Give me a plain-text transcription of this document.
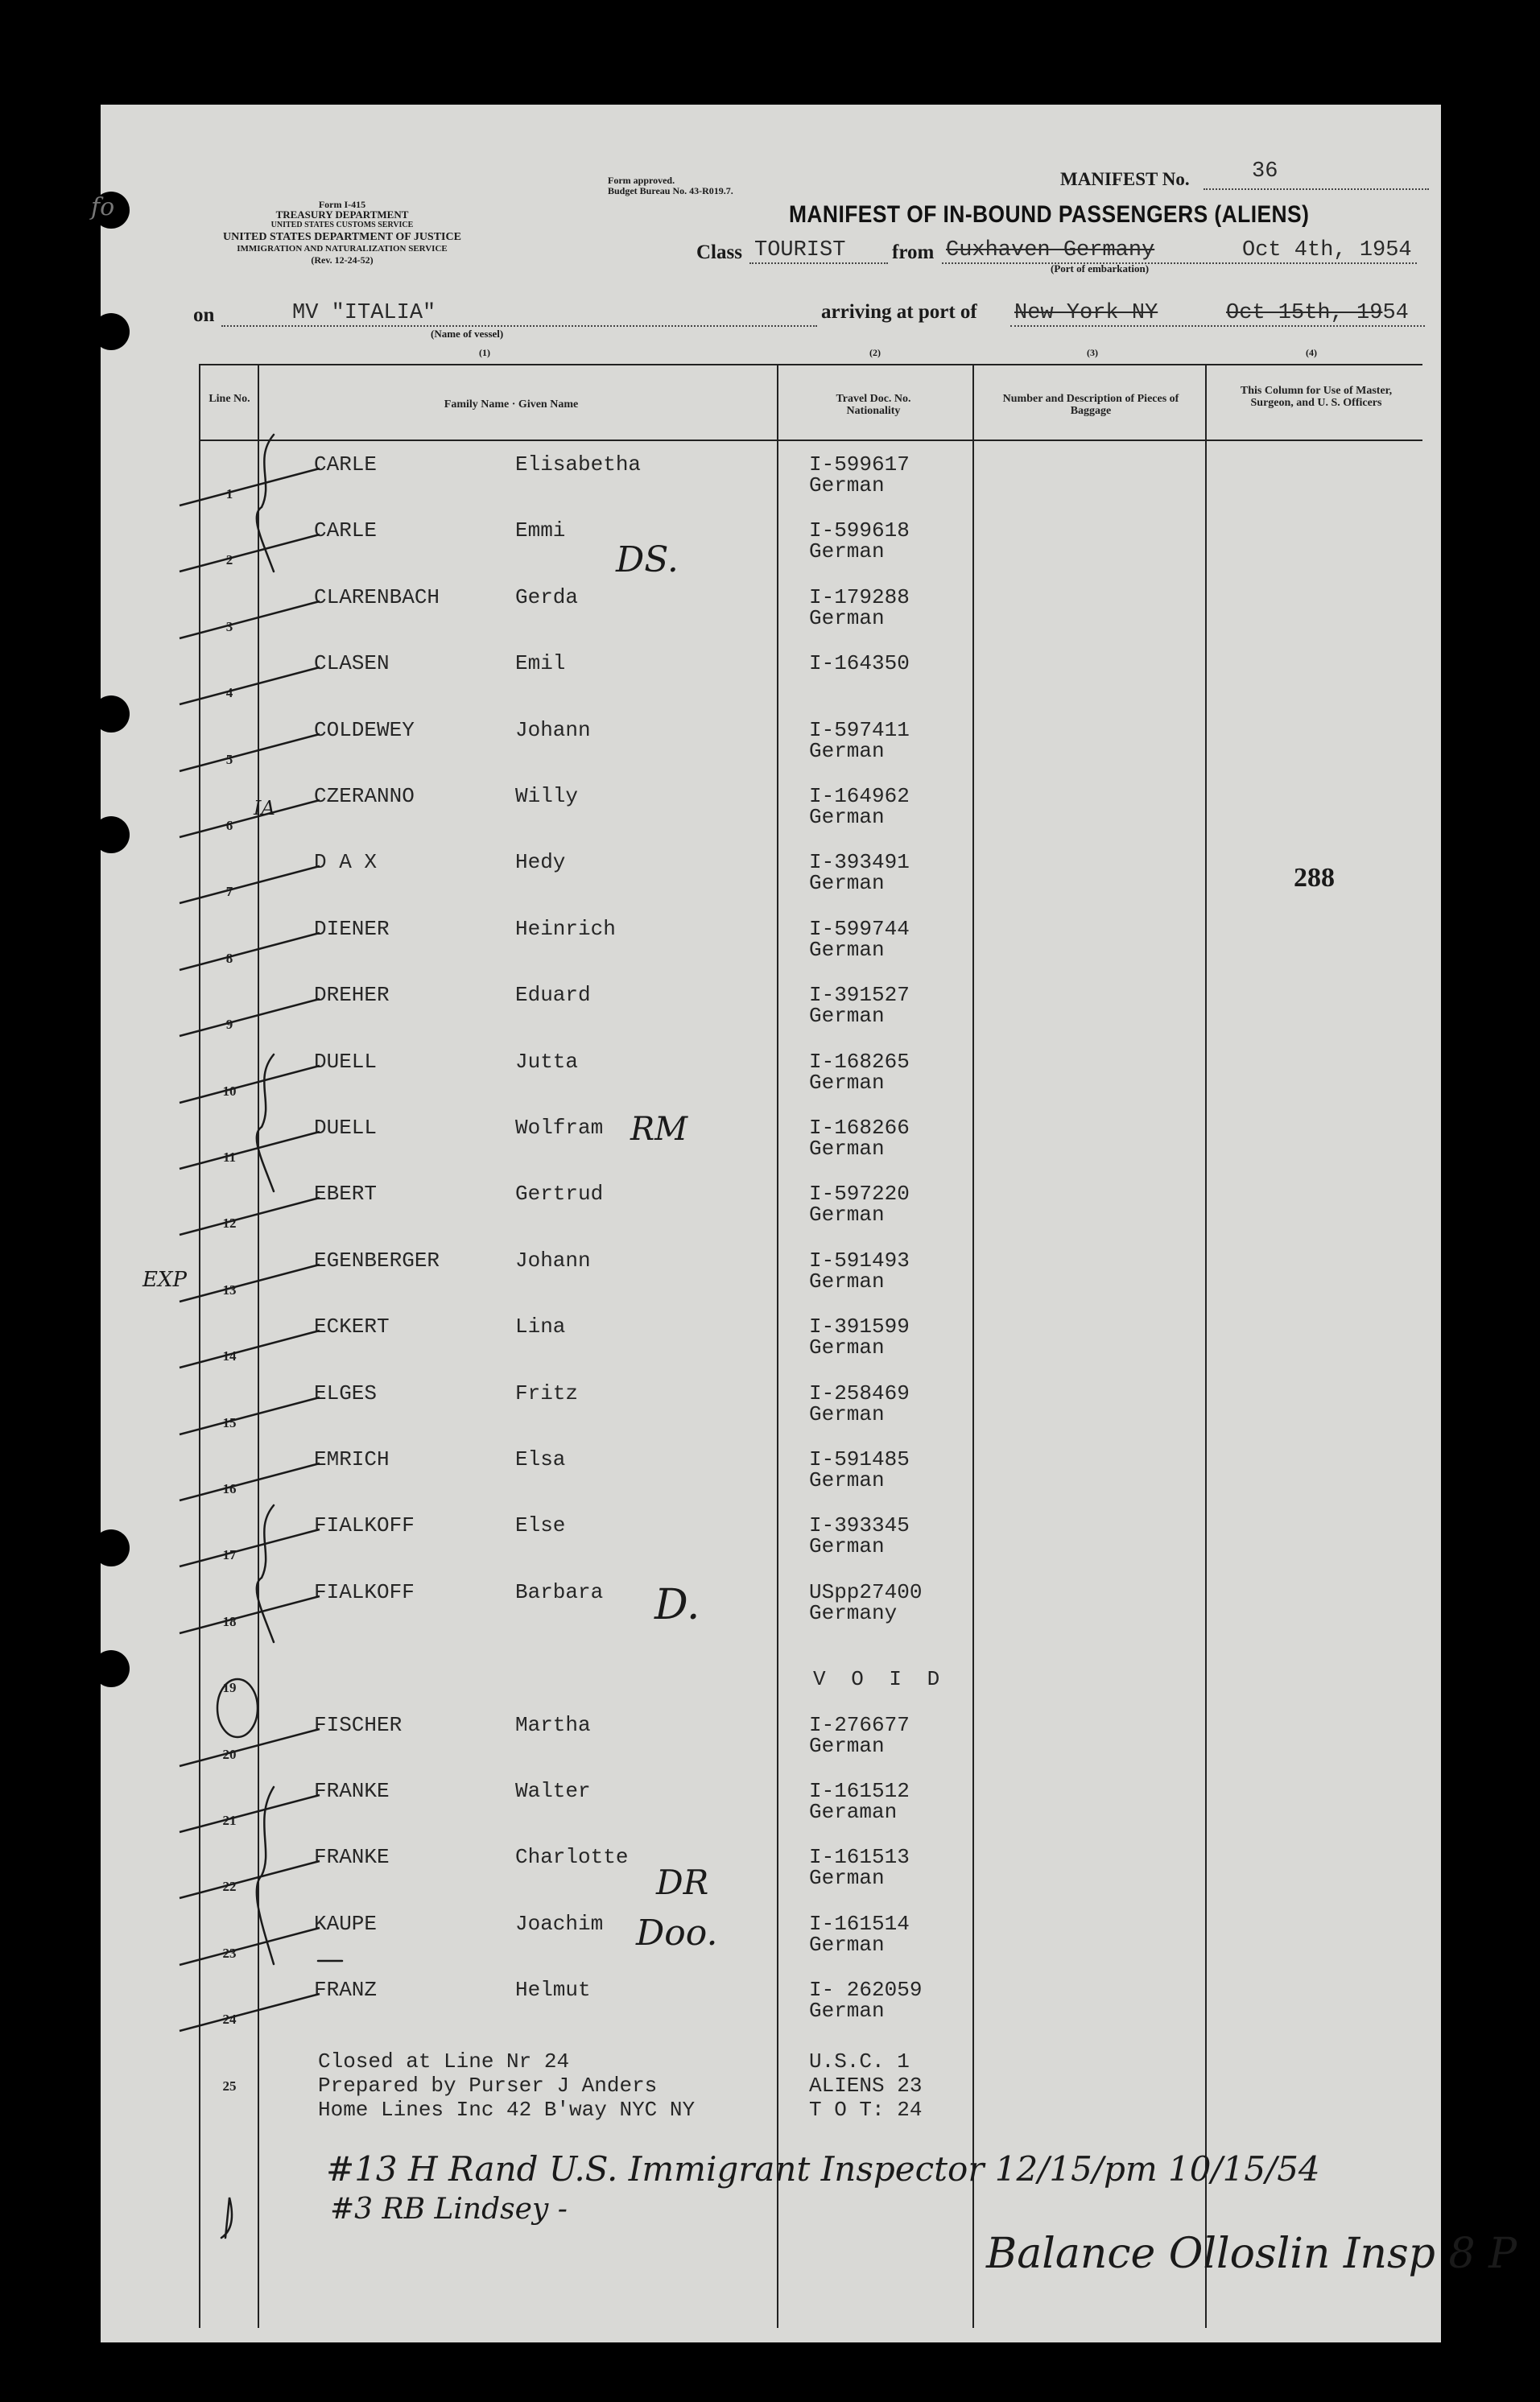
Form I-415
TREASURY DEPARTMENT
UNITED STATES CUSTOMS SERVICE
UNITED STATES DEPARTMENT OF JUSTICE
IMMIGRATION AND NATURALIZATION SERVICE
(Rev. 12-24-52)
Form approved.
Budget Bureau No. 43-R019.7.
MANIFEST No.	36
MANIFEST OF IN-BOUND PASSENGERS (ALIENS)
Class TOURIST from Cuxhaven Germany	Oct 4th, 1954
(Port of embarkation)
on	MV "ITALIA"
(Name of vessel)
arriving at port of New York NY	Oct 15th, 1954
(1)	(2)	(3)	(4)
Line No.	Family Name · Given Name	Travel Doc. No. Nationality
Number and Description of Pieces of Baggage
This Column for Use of Master, Surgeon, and U. S. Officers
1
CARLE	Elisabetha	I-599617
German
2
CARLE	Emmi	I-599618
German
3
CLARENBACH	Gerda	I-179288
German
4
CLASEN	Emil	I-164350
5
COLDEWEY	Johann	I-597411
German
6
CZERANNO	Willy	I-164962
German
7
D A X	Hedy	I-393491
German
8
DIENER	Heinrich	I-599744
German
9
DREHER	Eduard	I-391527
German
10
DUELL	Jutta	I-168265
German
11
DUELL	Wolfram	I-168266
German
12
EBERT	Gertrud	I-597220
German
13
EGENBERGER	Johann	I-591493
German
14
ECKERT	Lina	I-391599
German
15
ELGES	Fritz	I-258469
German
16
EMRICH	Elsa	I-591485
German
17
FIALKOFF	Else	I-393345
German
18
FIALKOFF	Barbara	USpp27400
Germany
19	V O I D
20
FISCHER	Martha	I-276677
German
21
FRANKE	Walter	I-161512
Geraman
22
FRANKE	Charlotte	I-161513
German
23
KAUPE	Joachim	I-161514
German
24
FRANZ	Helmut	I- 262059
German
25
288
Closed at Line Nr 24
Prepared by Purser J Anders
Home Lines Inc 42 B'way NYC NY
U.S.C. 1
ALIENS 23
T O T: 24
#13 H Rand U.S. Immigrant Inspector 12/15/pm 10/15/54
#3 RB Lindsey -
Balance Olloslin Insp 8 P
EXP
DS.
RM
D.
DR
Doo.
IA
fo
